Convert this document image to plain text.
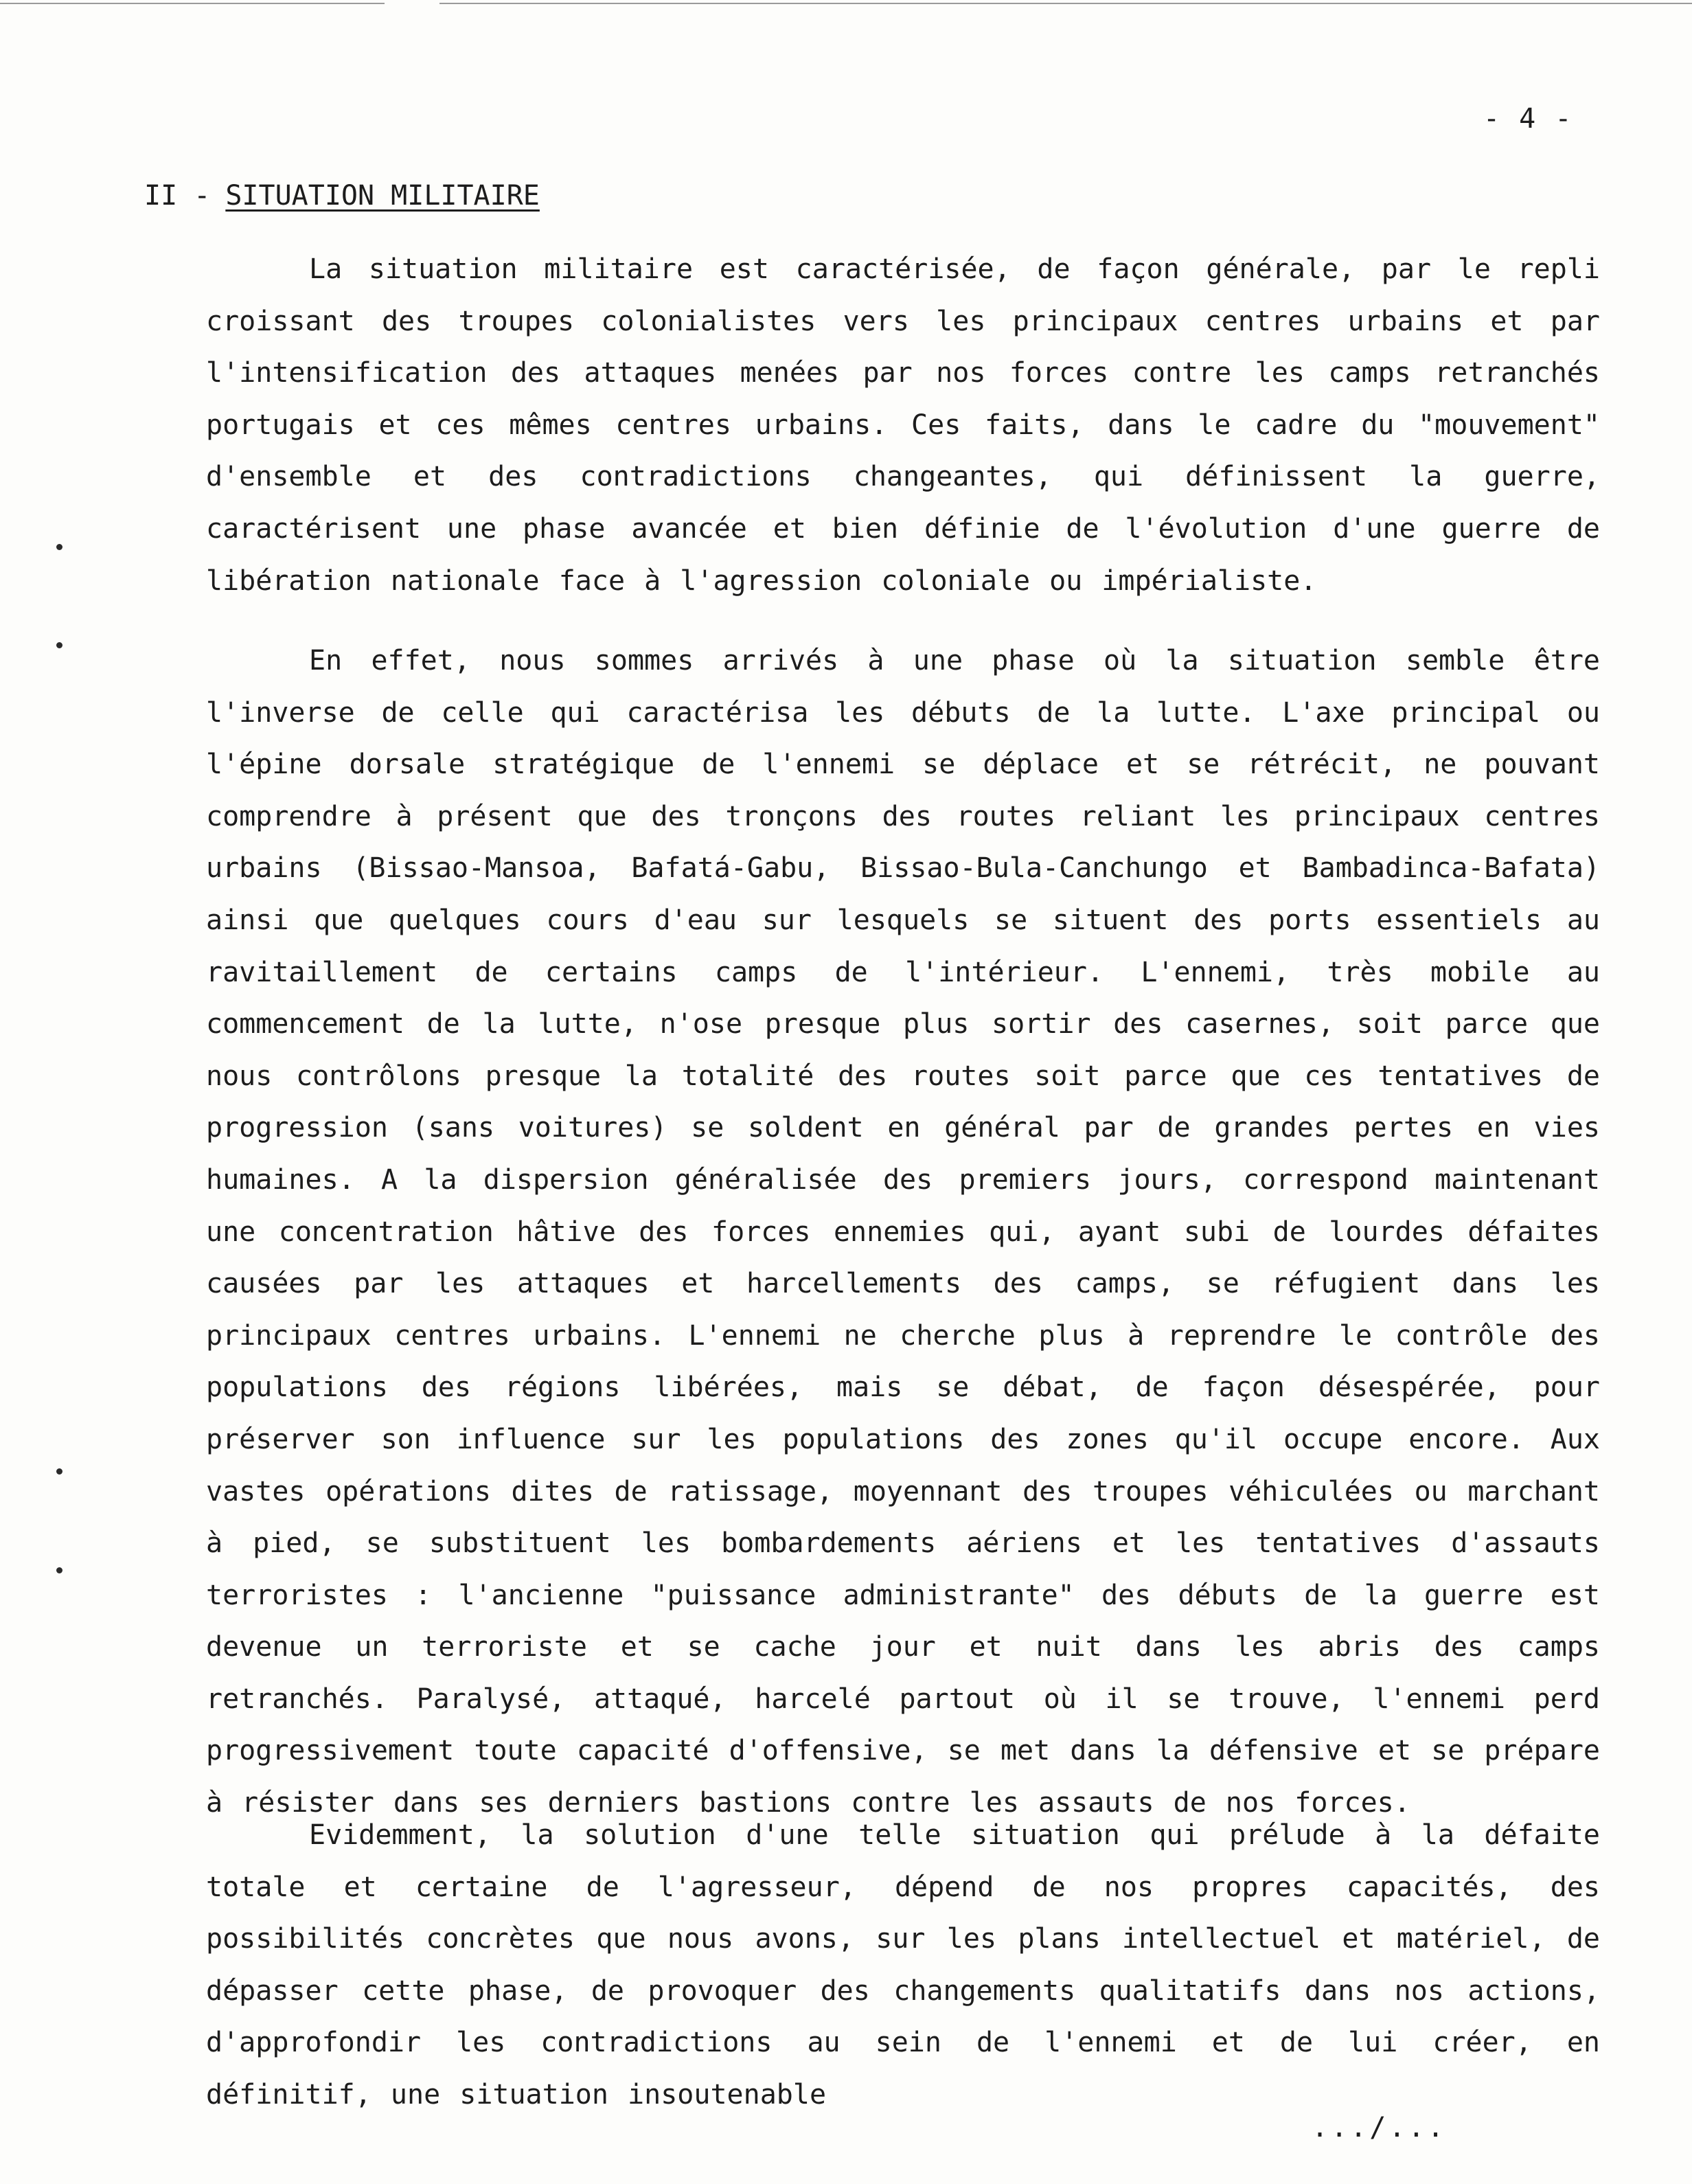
- 4 -
II - SITUATION MILITAIRE

La situation militaire est caractérisée, de façon générale, par le repli croissant des troupes colonialistes vers les principaux centres urbains et par l'intensification des attaques menées par nos forces contre les camps retranchés portugais et ces mêmes centres urbains. Ces faits, dans le cadre du "mouvement" d'ensemble et des contradictions changeantes, qui définissent la guerre, caractérisent une phase avancée et bien définie de l'évolution d'une guerre de libération nationale face à l'agression coloniale ou impérialiste.

En effet, nous sommes arrivés à une phase où la situation semble être l'inverse de celle qui caractérisa les débuts de la lutte. L'axe principal ou l'épine dorsale stratégique de l'ennemi se déplace et se rétrécit, ne pouvant comprendre à présent que des tronçons des routes reliant les principaux centres urbains (Bissao-Mansoa, Bafatá-Gabu, Bissao-Bula-Canchungo et Bambadinca-Bafata) ainsi que quelques cours d'eau sur lesquels se situent des ports essentiels au ravitaillement de certains camps de l'intérieur. L'ennemi, très mobile au commencement de la lutte, n'ose presque plus sortir des casernes, soit parce que nous contrôlons presque la totalité des routes soit parce que ces tentatives de progression (sans voitures) se soldent en général par de grandes pertes en vies humaines. A la dispersion généralisée des premiers jours, correspond maintenant une concentration hâtive des forces ennemies qui, ayant subi de lourdes défaites causées par les attaques et harcellements des camps, se réfugient dans les principaux centres urbains. L'ennemi ne cherche plus à reprendre le contrôle des populations des régions libérées, mais se débat, de façon désespérée, pour préserver son influence sur les populations des zones qu'il occupe encore. Aux vastes opérations dites de ratissage, moyennant des troupes véhiculées ou marchant à pied, se substituent les bombardements aériens et les tentatives d'assauts terroristes : l'ancienne "puissance administrante" des débuts de la guerre est devenue un terroriste et se cache jour et nuit dans les abris des camps retranchés. Paralysé, attaqué, harcelé partout où il se trouve, l'ennemi perd progressivement toute capacité d'offensive, se met dans la défensive et se prépare à résister dans ses derniers bastions contre les assauts de nos forces.

Evidemment, la solution d'une telle situation qui prélude à la défaite totale et certaine de l'agresseur, dépend de nos propres capacités, des possibilités concrètes que nous avons, sur les plans intellectuel et matériel, de dépasser cette phase, de provoquer des changements qualitatifs dans nos actions, d'approfondir les contradictions au sein de l'ennemi et de lui créer, en définitif, une situation insoutenable

.../...
